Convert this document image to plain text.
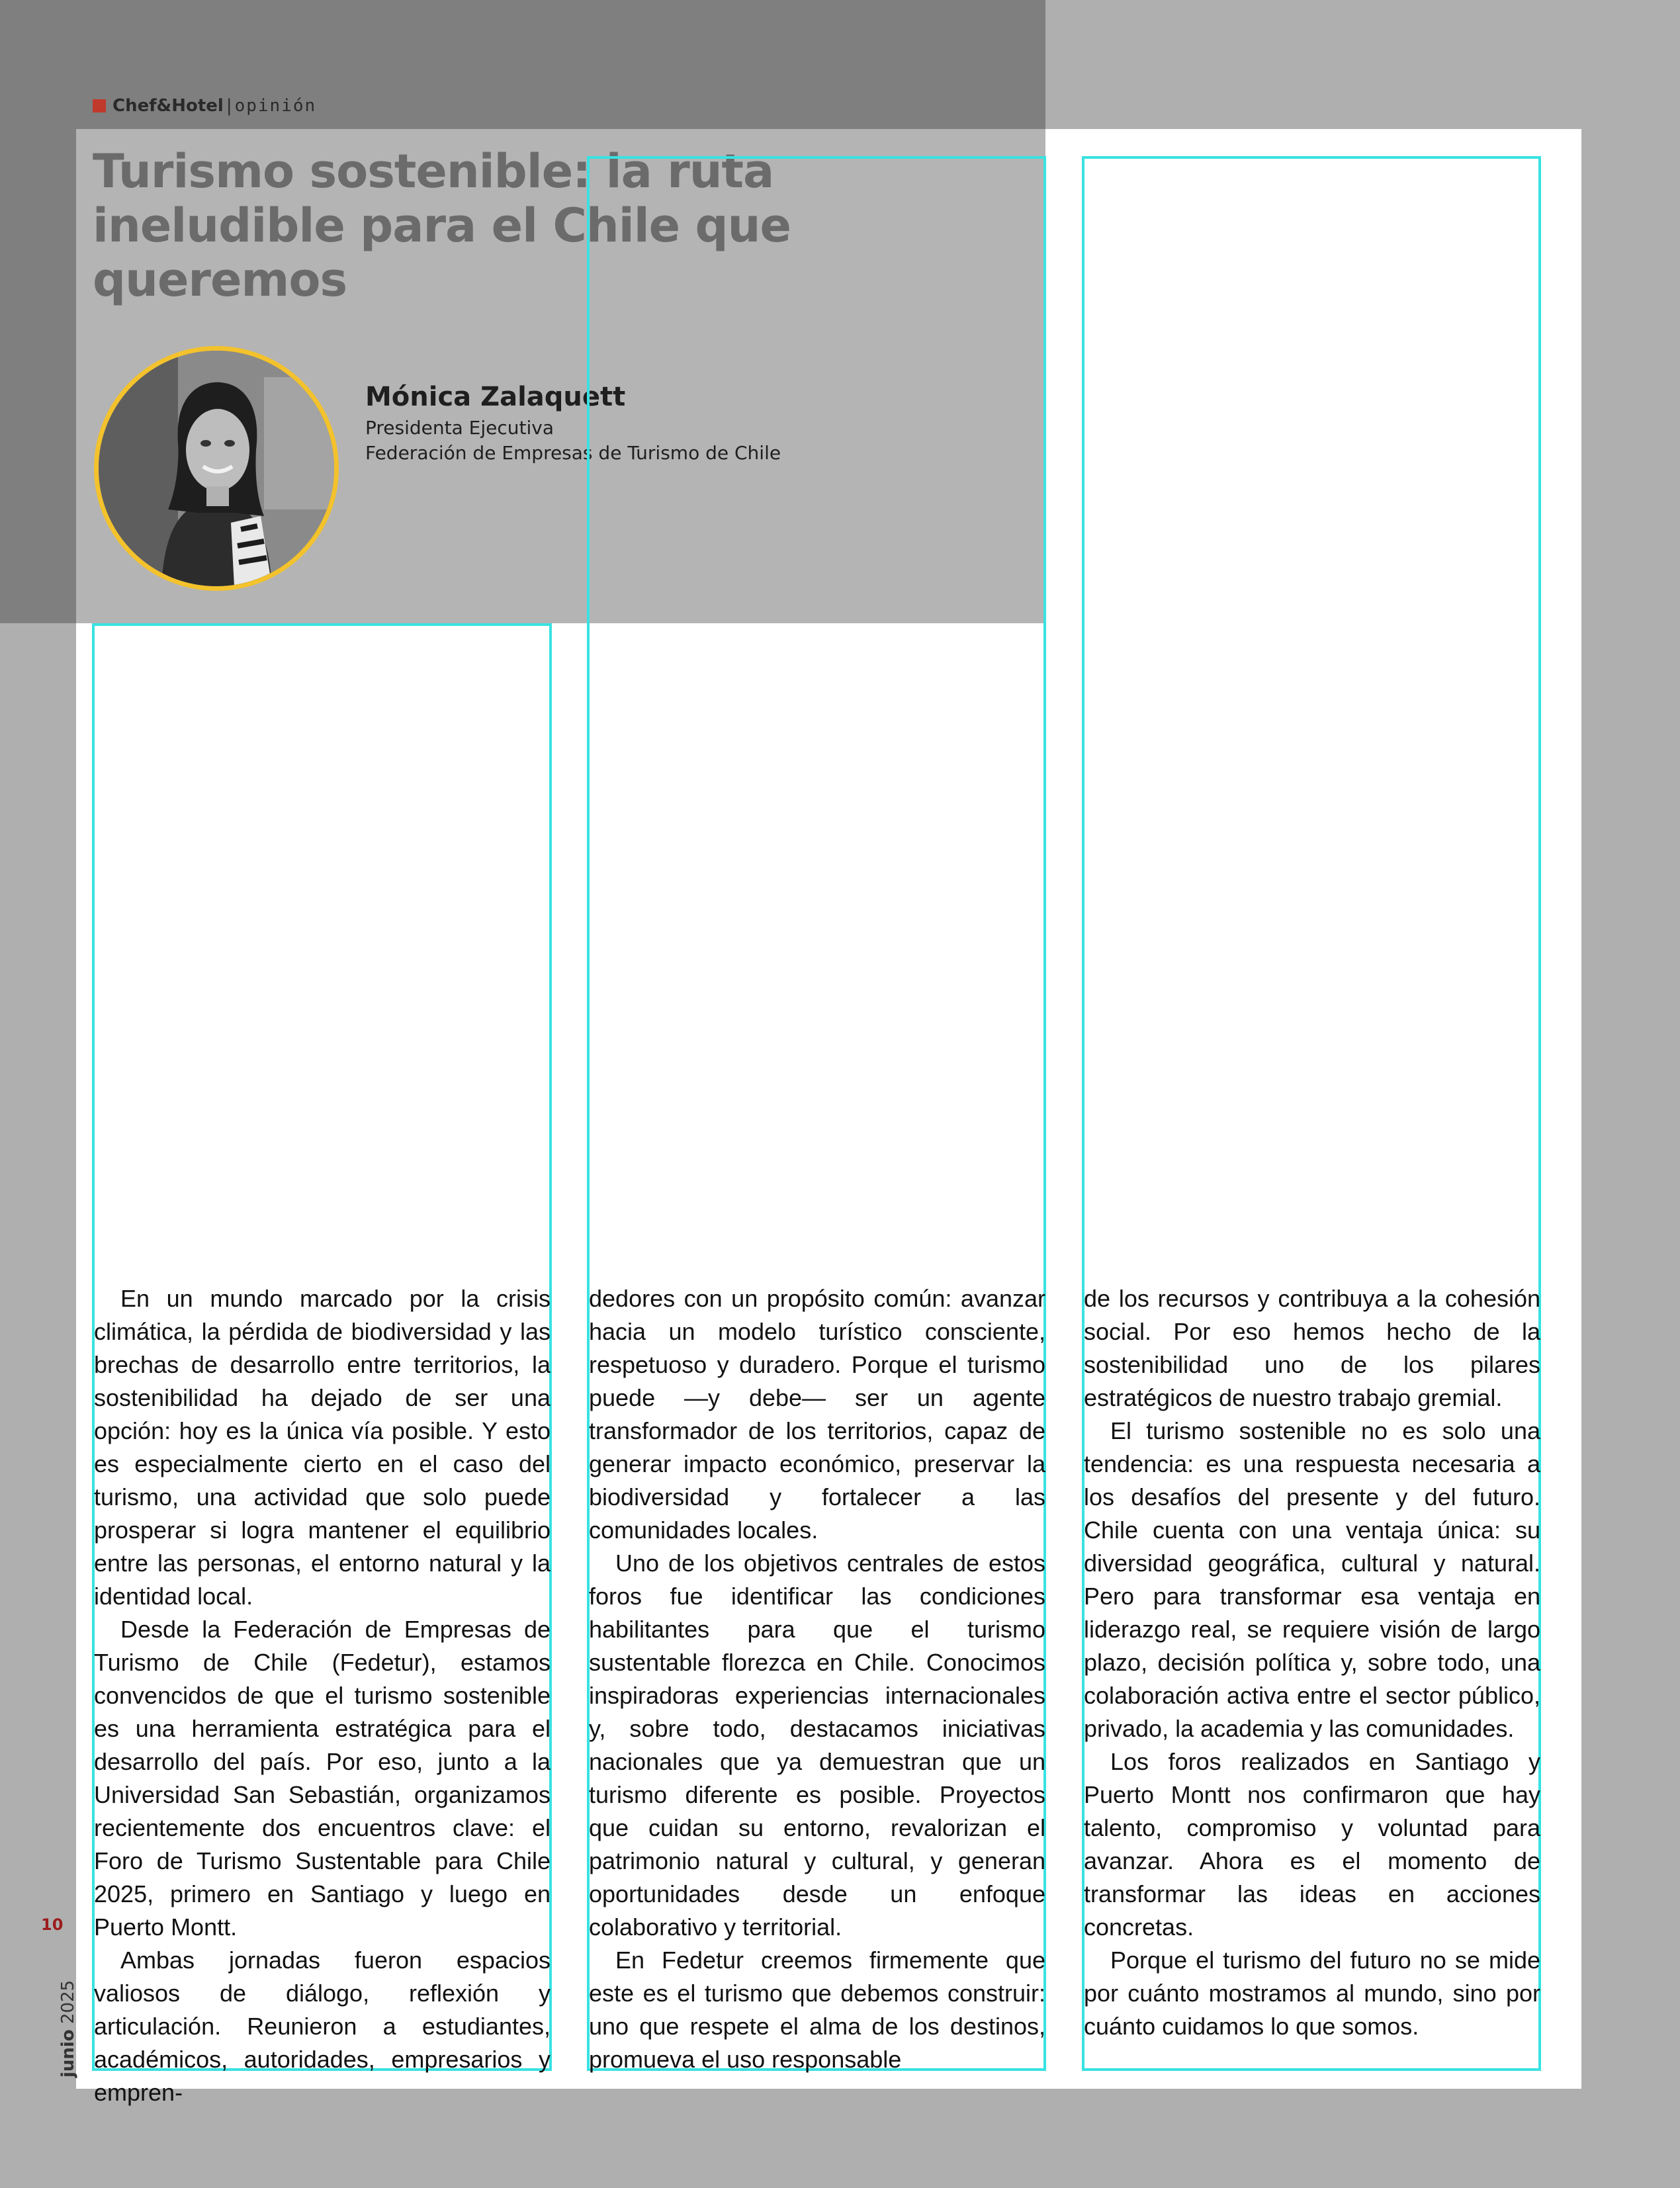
Chef&Hotel | opinión
Turismo sostenible: la ruta ineludible para el Chile que queremos
Mónica Zalaquett
Presidenta Ejecutiva
Federación de Empresas de Turismo de Chile

En un mundo marcado por la crisis climática, la pérdida de biodiversidad y las brechas de desarrollo entre territorios, la sostenibilidad ha dejado de ser una opción: hoy es la única vía posible. Y esto es especialmente cierto en el caso del turismo, una actividad que solo puede prosperar si logra mantener el equilibrio entre las personas, el entorno natural y la identidad local.

Desde la Federación de Empresas de Turismo de Chile (Fedetur), estamos convencidos de que el turismo sostenible es una herramienta estratégica para el desarrollo del país. Por eso, junto a la Universidad San Sebastián, organizamos recientemente dos encuentros clave: el Foro de Turismo Sustentable para Chile 2025, primero en Santiago y luego en Puerto Montt.

Ambas jornadas fueron espacios valiosos de diálogo, reflexión y articulación. Reunieron a estudiantes, académicos, autoridades, empresarios y empren-

dedores con un propósito común: avanzar hacia un modelo turístico consciente, respetuoso y duradero. Porque el turismo puede —y debe— ser un agente transformador de los territorios, capaz de generar impacto económico, preservar la biodiversidad y fortalecer a las comunidades locales.

Uno de los objetivos centrales de estos foros fue identificar las condiciones habilitantes para que el turismo sustentable florezca en Chile. Conocimos inspiradoras experiencias internacionales y, sobre todo, destacamos iniciativas nacionales que ya demuestran que un turismo diferente es posible. Proyectos que cuidan su entorno, revalorizan el patrimonio natural y cultural, y generan oportunidades desde un enfoque colaborativo y territorial.

En Fedetur creemos firmemente que este es el turismo que debemos construir: uno que respete el alma de los destinos, promueva el uso responsable

de los recursos y contribuya a la cohesión social. Por eso hemos hecho de la sostenibilidad uno de los pilares estratégicos de nuestro trabajo gremial.

El turismo sostenible no es solo una tendencia: es una respuesta necesaria a los desafíos del presente y del futuro. Chile cuenta con una ventaja única: su diversidad geográfica, cultural y natural. Pero para transformar esa ventaja en liderazgo real, se requiere visión de largo plazo, decisión política y, sobre todo, una colaboración activa entre el sector público, privado, la academia y las comunidades.

Los foros realizados en Santiago y Puerto Montt nos confirmaron que hay talento, compromiso y voluntad para avanzar. Ahora es el momento de transformar las ideas en acciones concretas.

Porque el turismo del futuro no se mide por cuánto mostramos al mundo, sino por cuánto cuidamos lo que somos.

10
junio 2025
